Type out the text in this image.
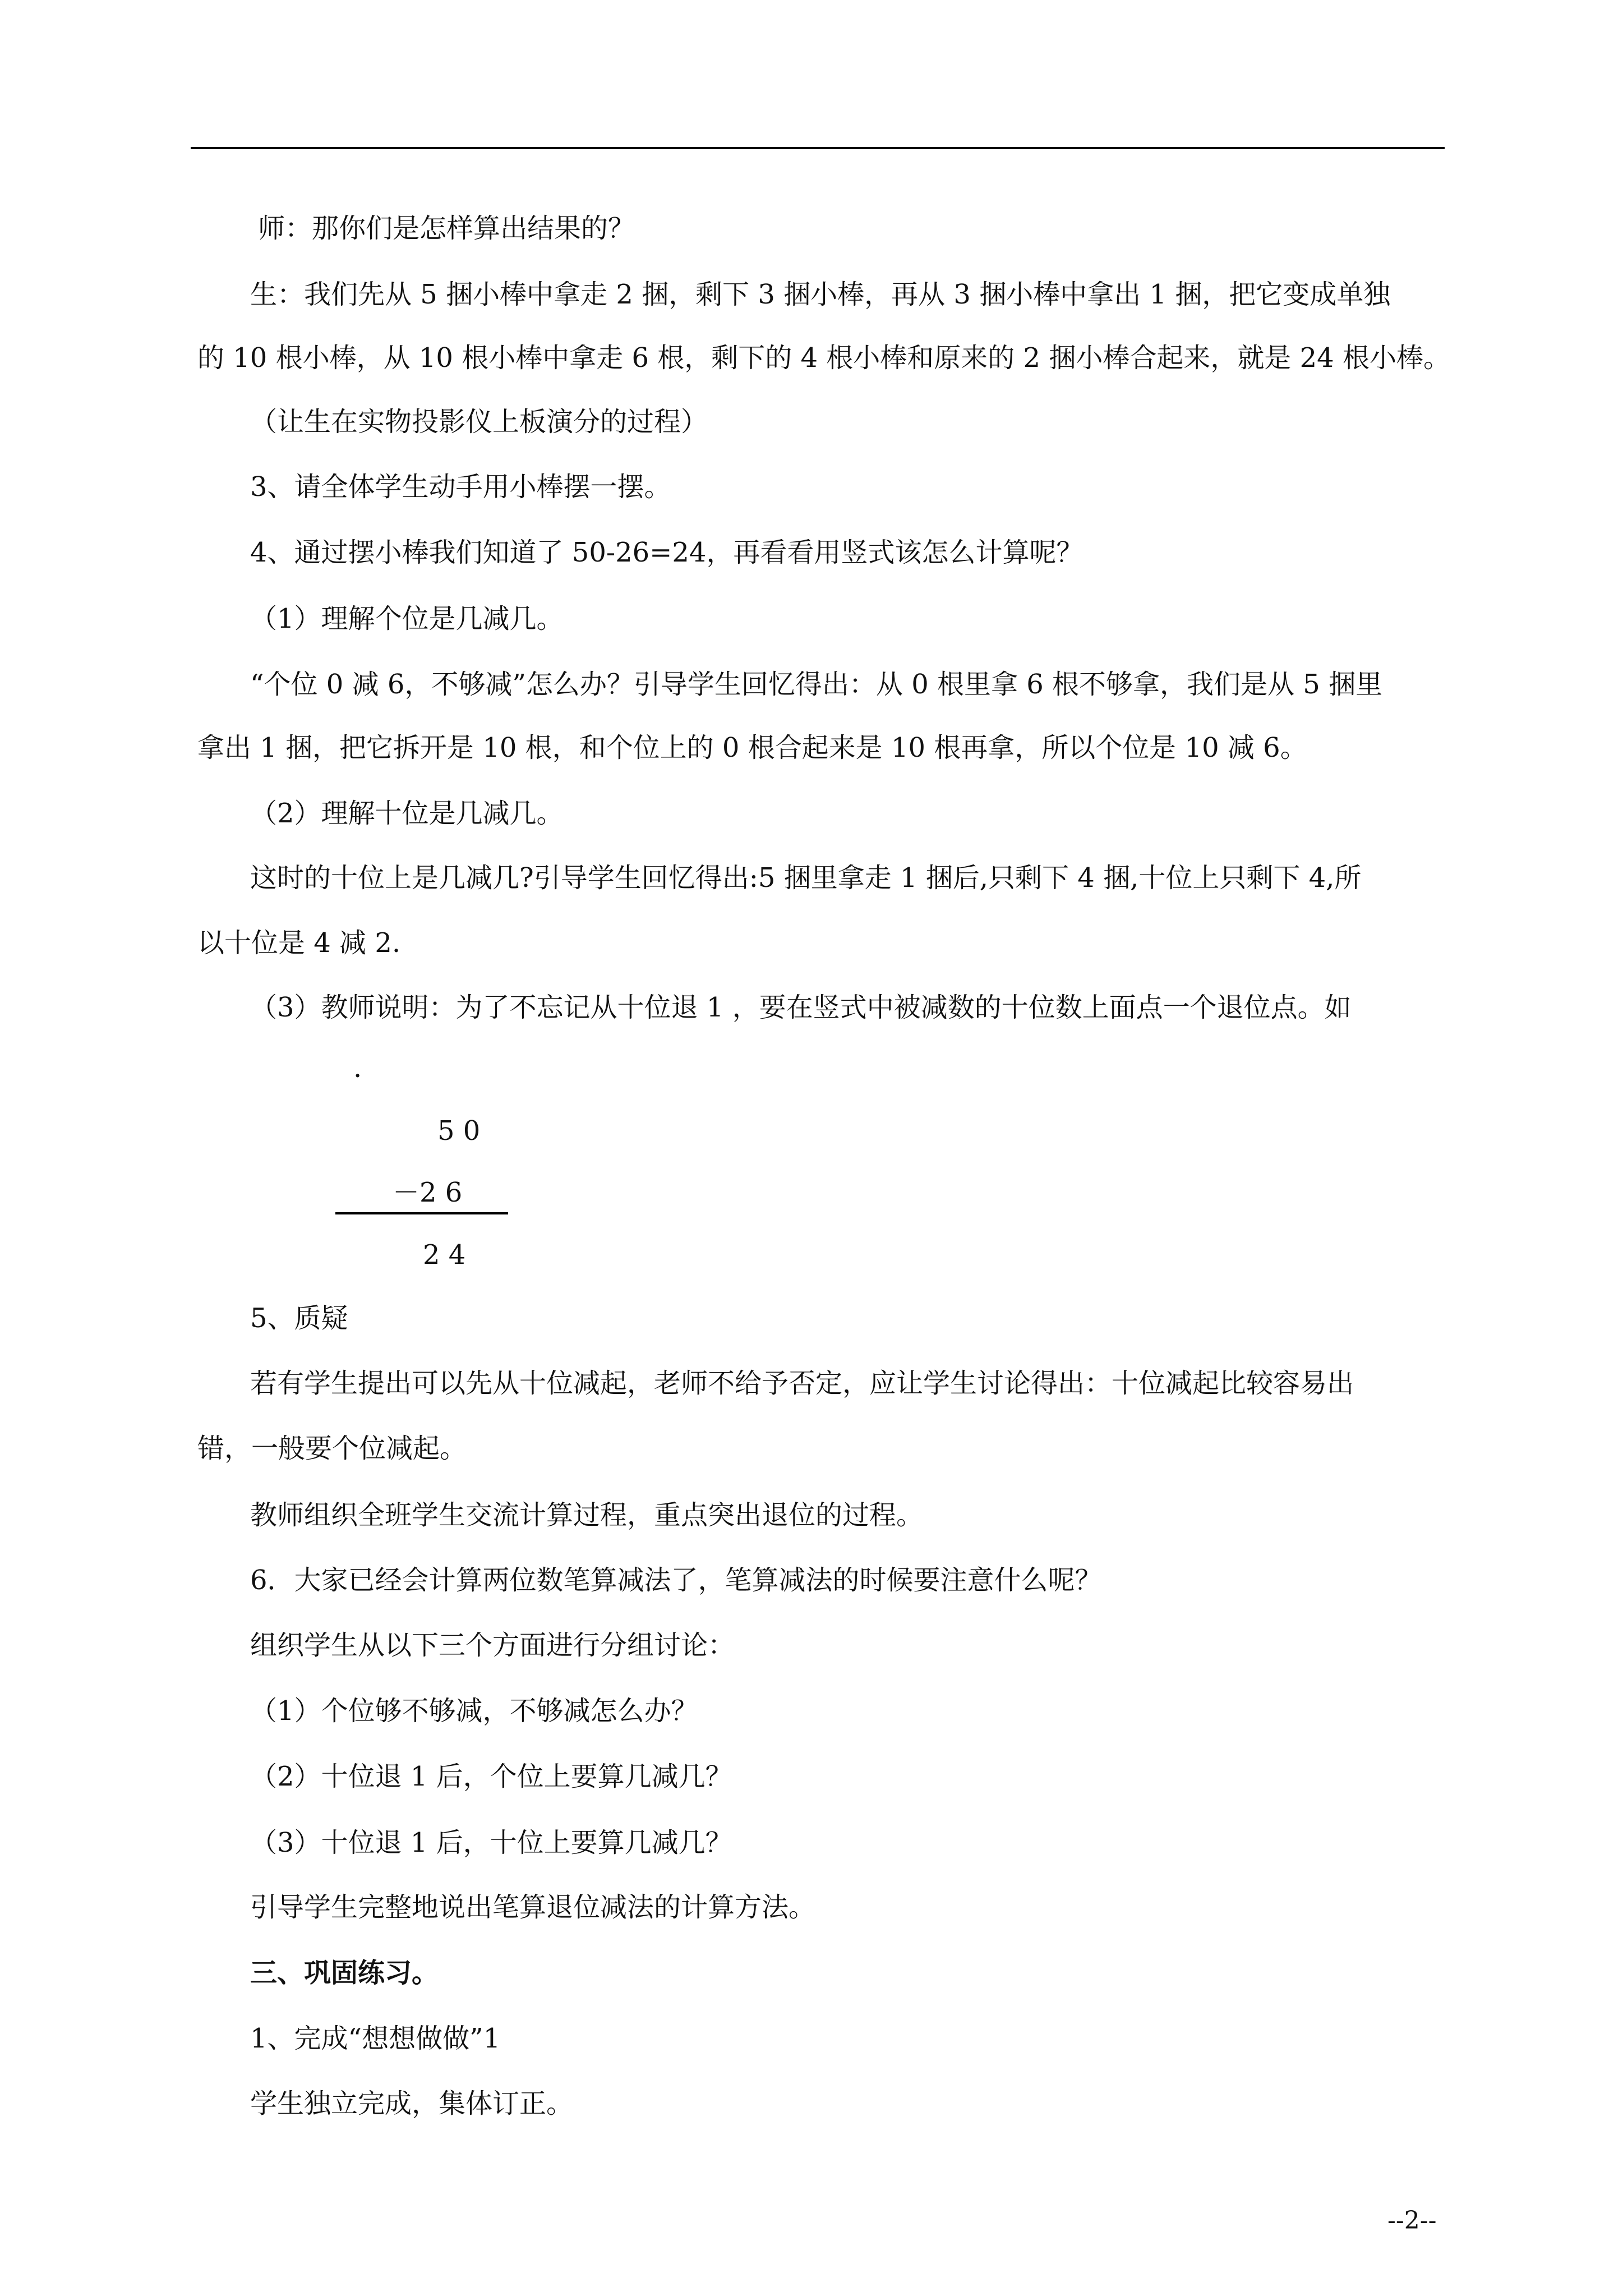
师：那你们是怎样算出结果的？

生：我们先从 5 捆小棒中拿走 2 捆，剩下 3 捆小棒，再从 3 捆小棒中拿出 1 捆，把它变成单独

的 10 根小棒，从 10 根小棒中拿走 6 根，剩下的 4 根小棒和原来的 2 捆小棒合起来，就是 24 根小棒。

（让生在实物投影仪上板演分的过程）

3、请全体学生动手用小棒摆一摆。

4、通过摆小棒我们知道了 50-26=24，再看看用竖式该怎么计算呢？

（1）理解个位是几减几。

“个位 0 减 6，不够减”怎么办？引导学生回忆得出：从 0 根里拿 6 根不够拿，我们是从 5 捆里

拿出 1 捆，把它拆开是 10 根，和个位上的 0 根合起来是 10 根再拿，所以个位是 10 减 6。

（2）理解十位是几减几。

这时的十位上是几减几?引导学生回忆得出:5 捆里拿走 1 捆后,只剩下 4 捆,十位上只剩下 4,所

以十位是 4 减 2.

（3）教师说明：为了不忘记从十位退 1 ，要在竖式中被减数的十位数上面点一个退位点。如

.
5 0
－2 6
2 4

5、质疑

若有学生提出可以先从十位减起，老师不给予否定，应让学生讨论得出：十位减起比较容易出

错，一般要个位减起。

教师组织全班学生交流计算过程，重点突出退位的过程。

6．大家已经会计算两位数笔算减法了，笔算减法的时候要注意什么呢？

组织学生从以下三个方面进行分组讨论：

（1）个位够不够减，不够减怎么办？

（2）十位退 1 后，个位上要算几减几？

（3）十位退 1 后，十位上要算几减几？

引导学生完整地说出笔算退位减法的计算方法。

三、巩固练习。

1、完成“想想做做”1

学生独立完成，集体订正。

--2--
